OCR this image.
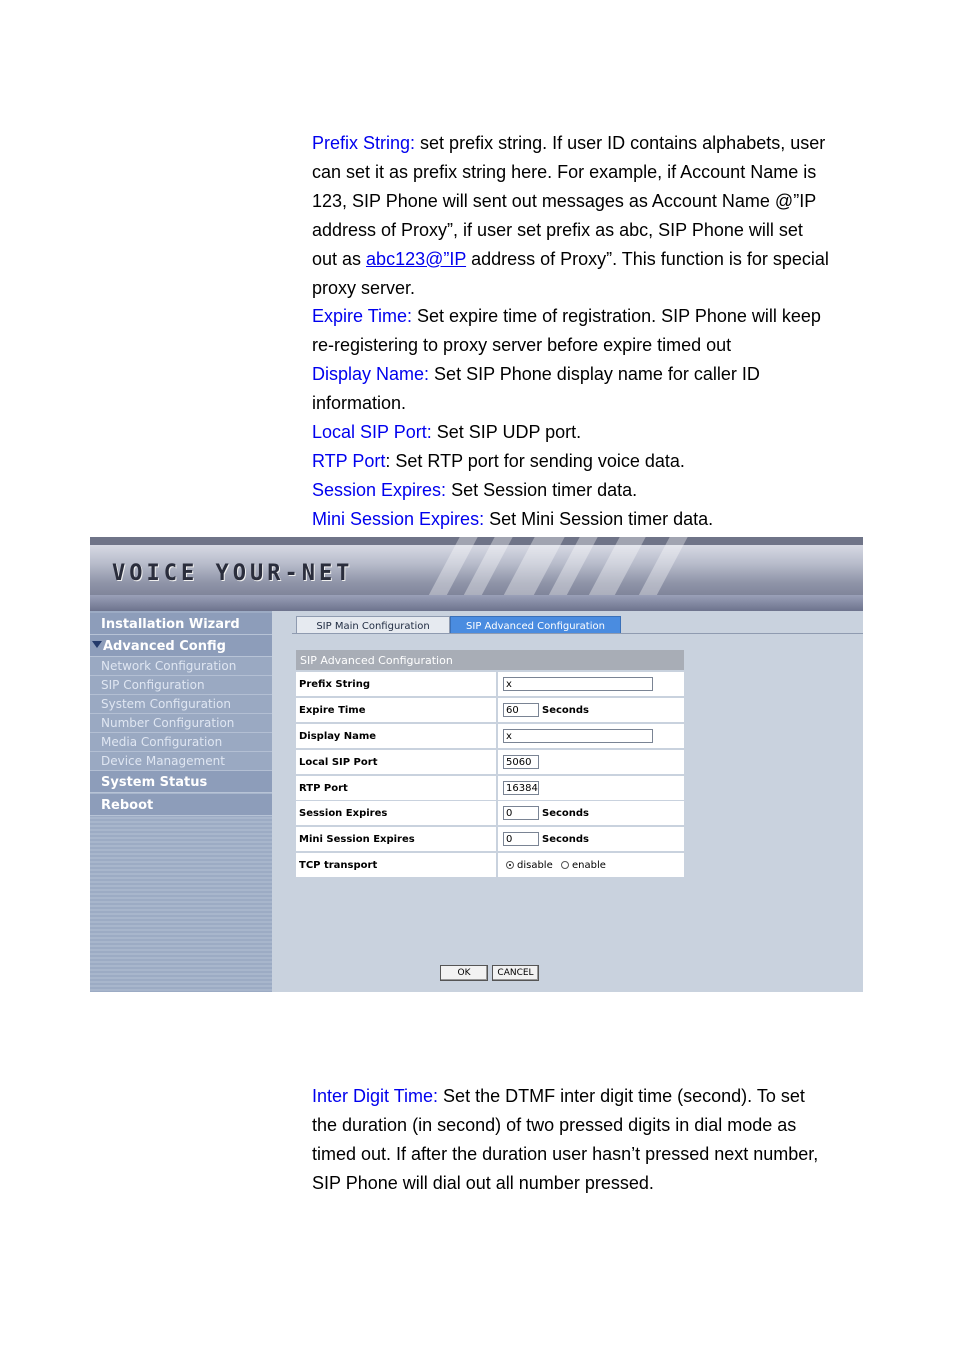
Prefix String: set prefix string. If user ID contains alphabets, user
can set it as prefix string here. For example, if Account Name is
123, SIP Phone will sent out messages as Account Name @”IP
address of Proxy”, if user set prefix as abc, SIP Phone will set
out as abc123@”IP address of Proxy”. This function is for special
proxy server.
Expire Time: Set expire time of registration. SIP Phone will keep
re-registering to proxy server before expire timed out
Display Name: Set SIP Phone display name for caller ID
information.
Local SIP Port: Set SIP UDP port.
RTP Port: Set RTP port for sending voice data.
Session Expires: Set Session timer data.
Mini Session Expires: Set Mini Session timer data.
VOICE YOUR-NET
Installation Wizard
Advanced Config
Network Configuration
SIP Configuration
System Configuration
Number Configuration
Media Configuration
Device Management
System Status
Reboot
SIP Main Configuration	SIP Advanced Configuration
SIP Advanced Configuration
Prefix String	x
Expire Time	60	Seconds
Display Name	x
Local SIP Port	5060
RTP Port	16384
Session Expires	0	Seconds
Mini Session Expires	0	Seconds
TCP transport	disable enable
OK	CANCEL
Inter Digit Time: Set the DTMF inter digit time (second). To set
the duration (in second) of two pressed digits in dial mode as
timed out. If after the duration user hasn’t pressed next number,
SIP Phone will dial out all number pressed.
